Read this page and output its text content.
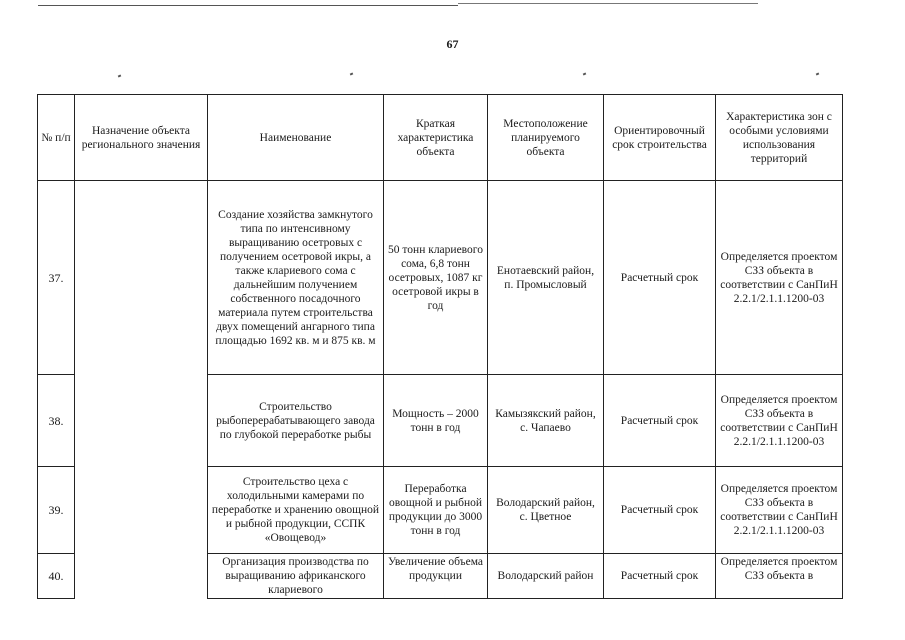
67
№ п/п	Назначение объекта регионального значения	Наименование	Краткая характеристика объекта	Местоположение планируемого объекта	Ориентировочный срок строительства	Характеристика зон с особыми условиями использования территорий
37.		Создание хозяйства замкнутого типа по интенсивному выращиванию осетровых с получением осетровой икры, а также клариевого сома с дальнейшим получением собственного посадочного материала путем строительства двух помещений ангарного типа площадью 1692 кв. м и 875 кв. м	50 тонн клариевого сома, 6,8 тонн осетровых, 1087 кг осетровой икры в год	Енотаевский район, п. Промысловый	Расчетный срок	Определяется проектом СЗЗ объекта в соответствии с СанПиН 2.2.1/2.1.1.1200-03
38.		Строительство рыбоперерабатывающего завода по глубокой переработке рыбы	Мощность – 2000 тонн в год	Камызякский район, с. Чапаево	Расчетный срок	Определяется проектом СЗЗ объекта в соответствии с СанПиН 2.2.1/2.1.1.1200-03
39.		Строительство цеха с холодильными камерами по переработке и хранению овощной и рыбной продукции, ССПК «Овощевод»	Переработка овощной и рыбной продукции до 3000 тонн в год	Володарский район, с. Цветное	Расчетный срок	Определяется проектом СЗЗ объекта в соответствии с СанПиН 2.2.1/2.1.1.1200-03
40.		Организация производства по выращиванию африканского клариевого	Увеличение объема продукции	Володарский район	Расчетный срок	Определяется проектом СЗЗ объекта в
